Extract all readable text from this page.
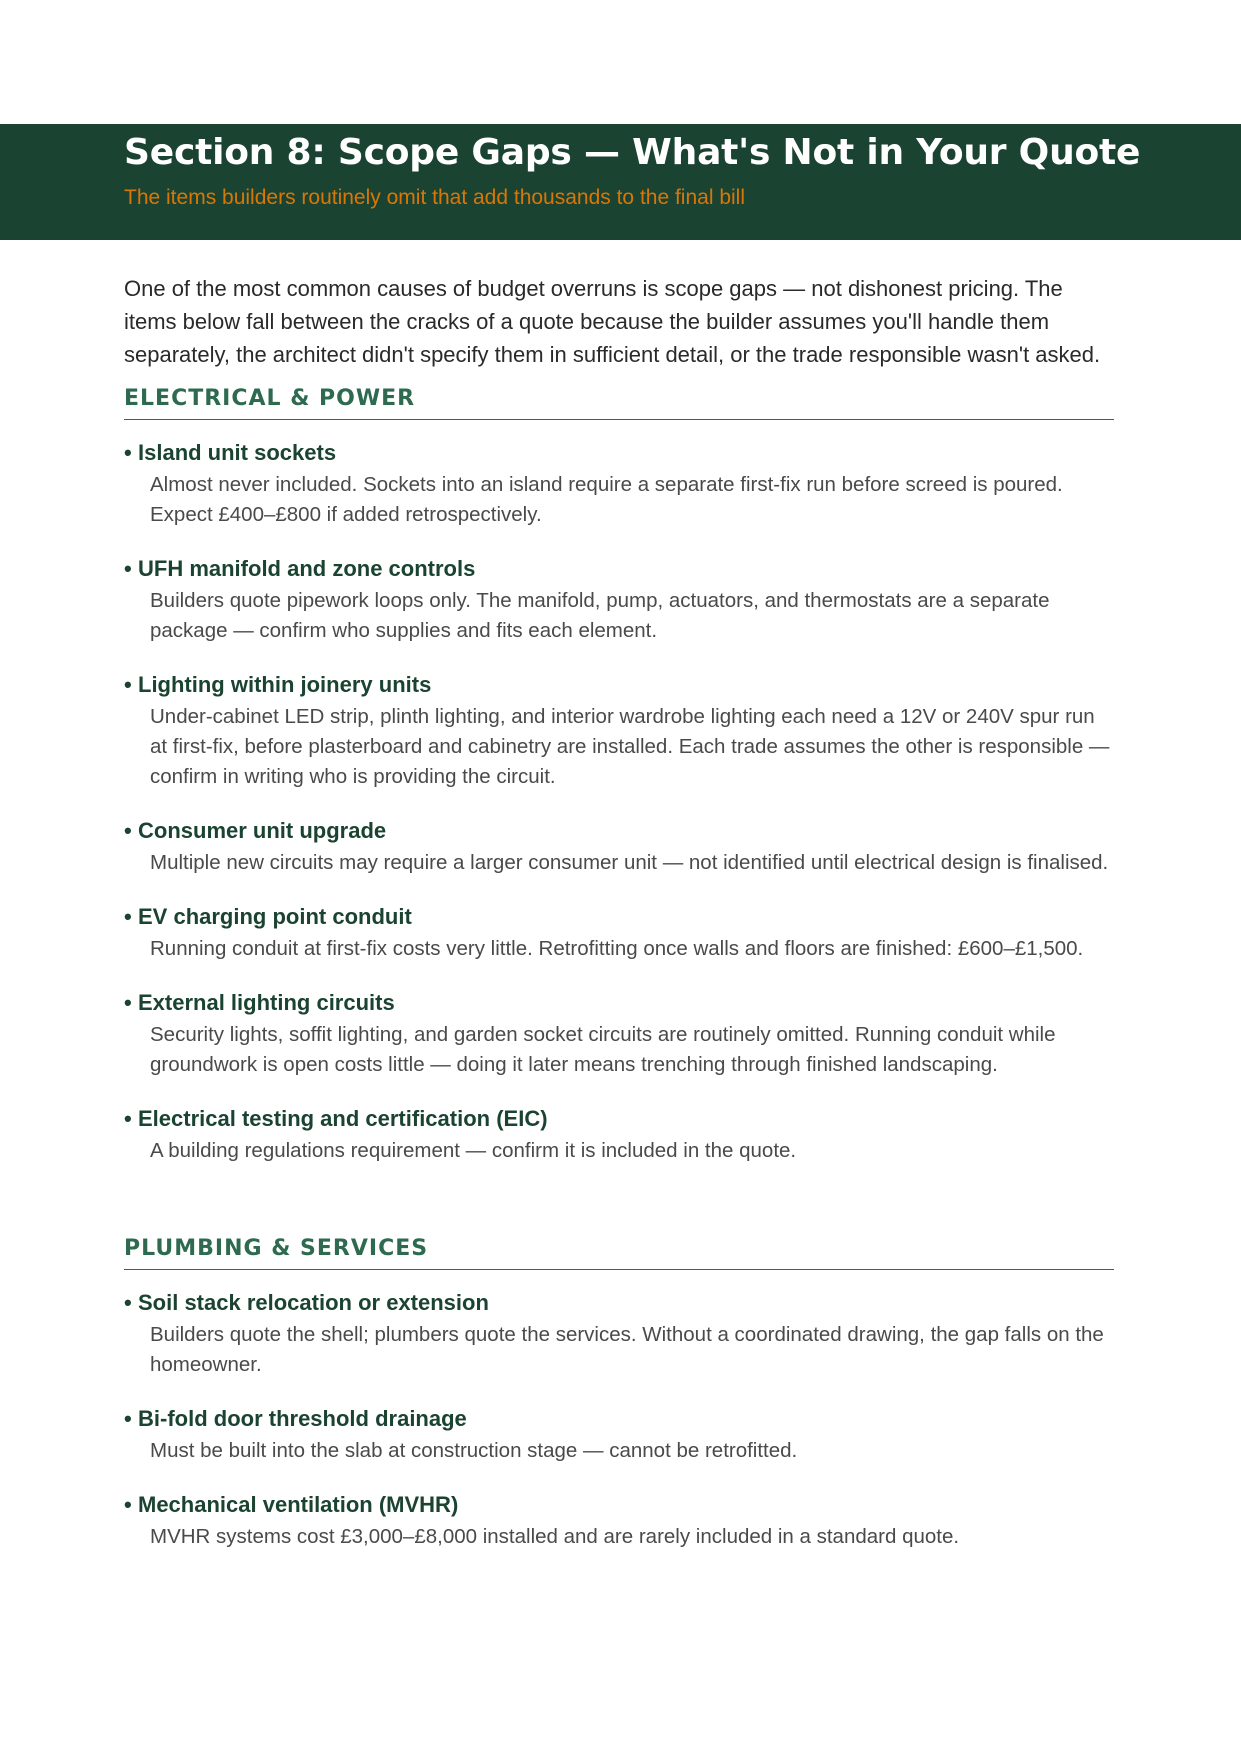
Section 8: Scope Gaps — What's Not in Your Quote
The items builders routinely omit that add thousands to the final bill
One of the most common causes of budget overruns is scope gaps — not dishonest pricing. The items below fall between the cracks of a quote because the builder assumes you'll handle them separately, the architect didn't specify them in sufficient detail, or the trade responsible wasn't asked.
ELECTRICAL & POWER
• Island unit sockets
Almost never included. Sockets into an island require a separate first-fix run before screed is poured. Expect £400–£800 if added retrospectively.
• UFH manifold and zone controls
Builders quote pipework loops only. The manifold, pump, actuators, and thermostats are a separate package — confirm who supplies and fits each element.
• Lighting within joinery units
Under-cabinet LED strip, plinth lighting, and interior wardrobe lighting each need a 12V or 240V spur run at first-fix, before plasterboard and cabinetry are installed. Each trade assumes the other is responsible — confirm in writing who is providing the circuit.
• Consumer unit upgrade
Multiple new circuits may require a larger consumer unit — not identified until electrical design is finalised.
• EV charging point conduit
Running conduit at first-fix costs very little. Retrofitting once walls and floors are finished: £600–£1,500.
• External lighting circuits
Security lights, soffit lighting, and garden socket circuits are routinely omitted. Running conduit while groundwork is open costs little — doing it later means trenching through finished landscaping.
• Electrical testing and certification (EIC)
A building regulations requirement — confirm it is included in the quote.
PLUMBING & SERVICES
• Soil stack relocation or extension
Builders quote the shell; plumbers quote the services. Without a coordinated drawing, the gap falls on the homeowner.
• Bi-fold door threshold drainage
Must be built into the slab at construction stage — cannot be retrofitted.
• Mechanical ventilation (MVHR)
MVHR systems cost £3,000–£8,000 installed and are rarely included in a standard quote.
